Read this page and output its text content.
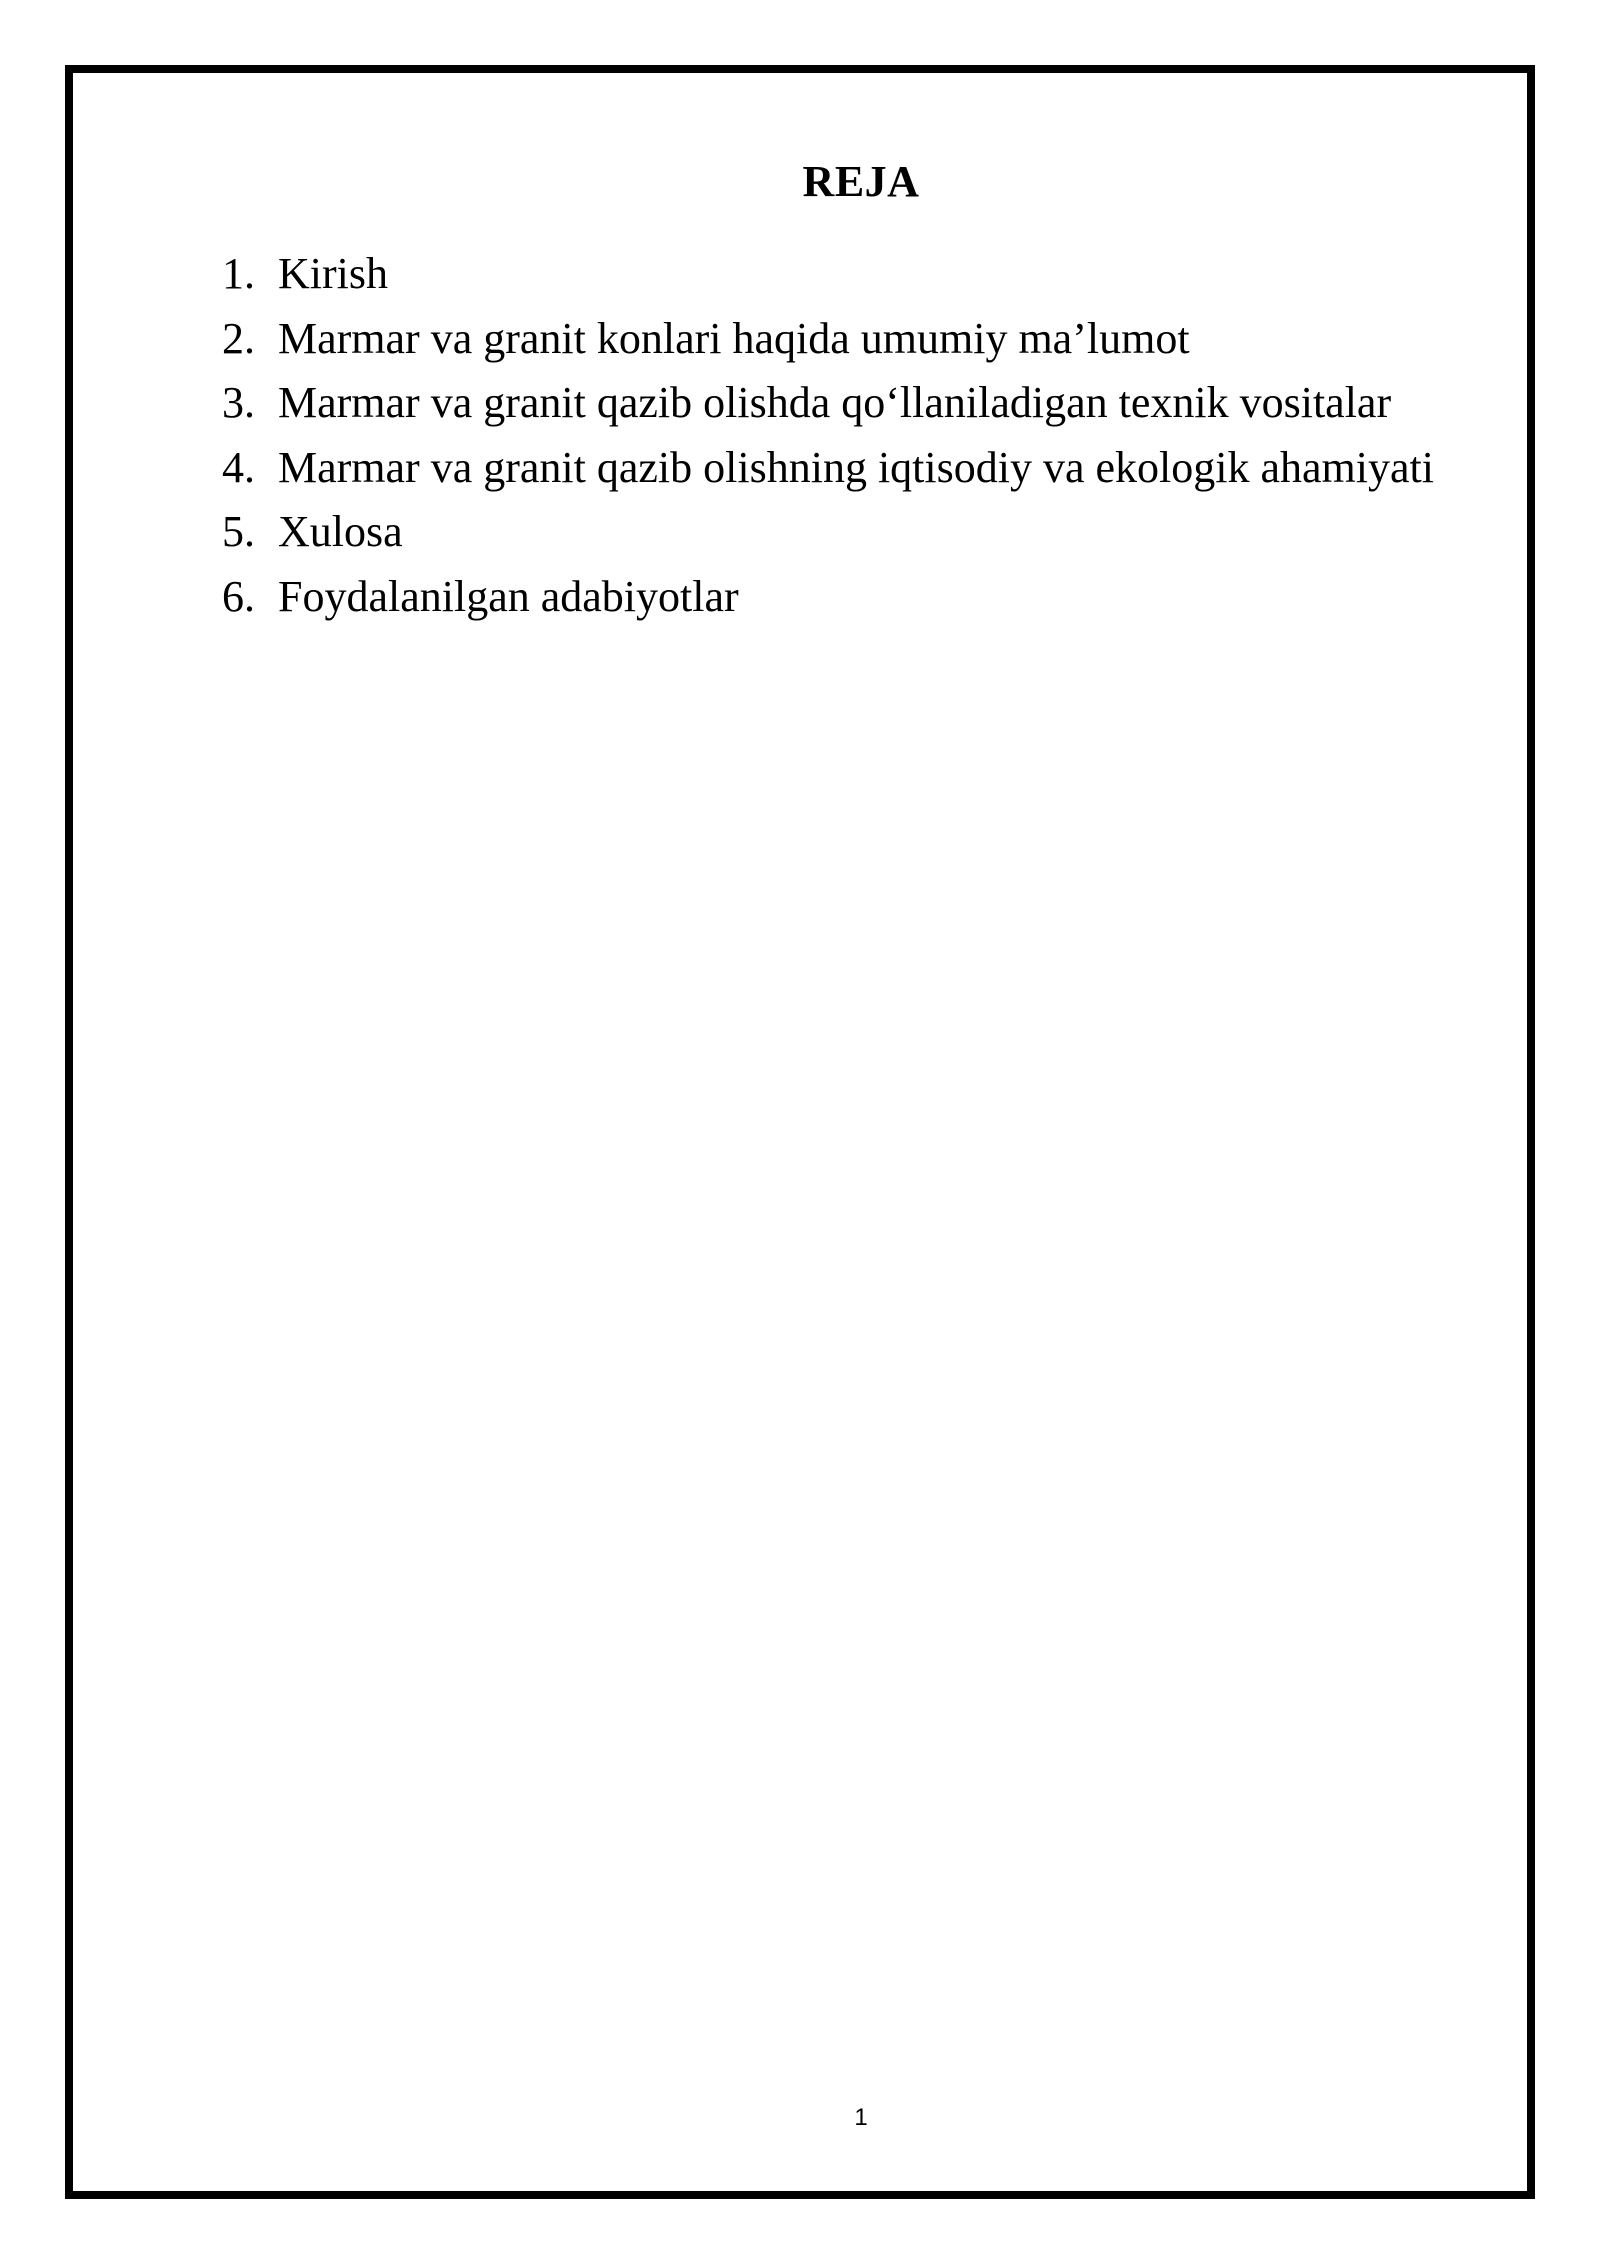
REJA
1. Kirish
2. Marmar va granit konlari haqida umumiy ma’lumot
3. Marmar va granit qazib olishda qo‘llaniladigan texnik vositalar
4. Marmar va granit qazib olishning iqtisodiy va ekologik ahamiyati
5. Xulosa
6. Foydalanilgan adabiyotlar
1
